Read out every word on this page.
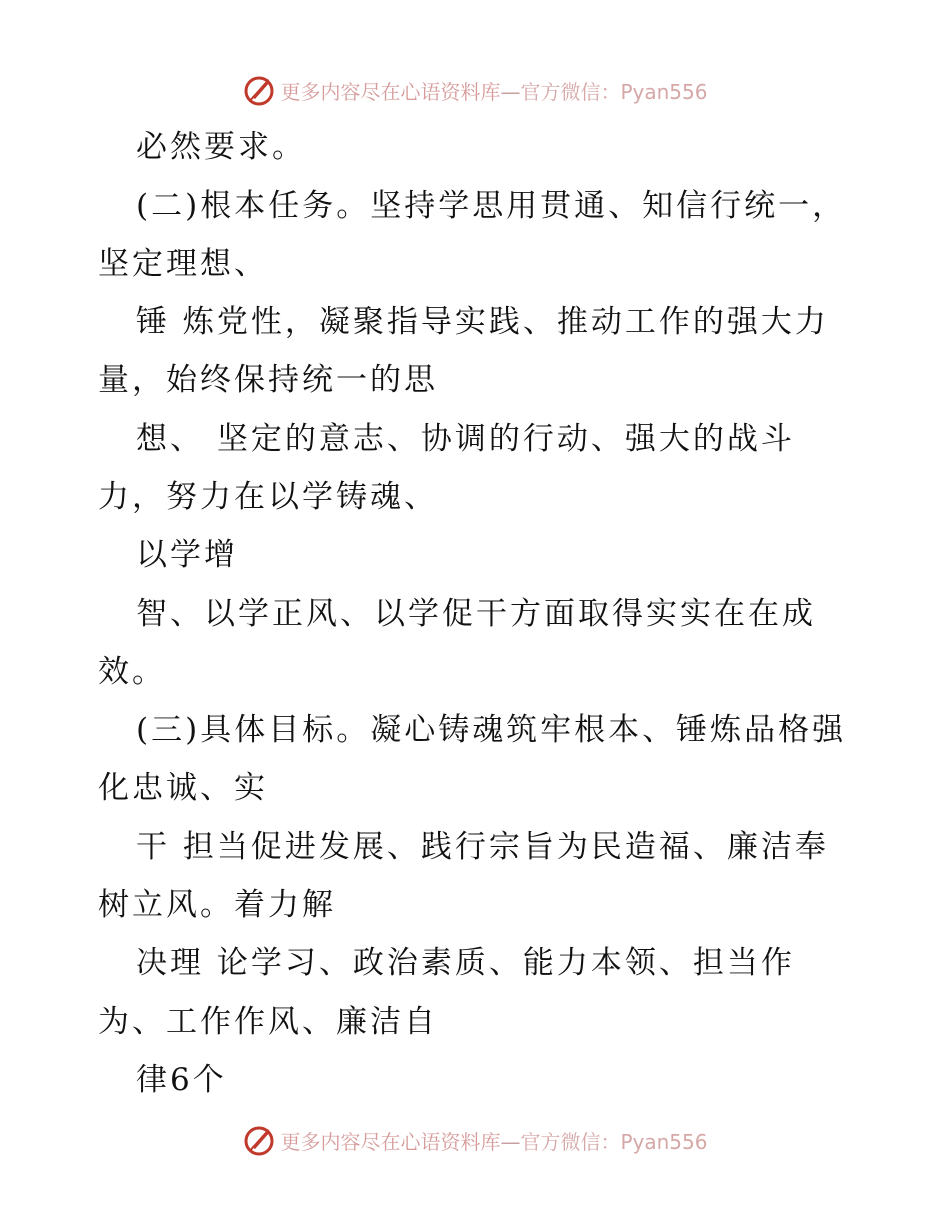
更多内容尽在心语资料库—官方微信：Pyan556
必然要求。
(二)根本任务。坚持学思用贯通、知信行统一，
坚定理想、
锤 炼党性，凝聚指导实践、推动工作的强大力
量，始终保持统一的思
想、 坚定的意志、协调的行动、强大的战斗
力，努力在以学铸魂、
以学增
智、以学正风、以学促干方面取得实实在在成
效。
(三)具体目标。凝心铸魂筑牢根本、锤炼品格强
化忠诚、实
干 担当促进发展、践行宗旨为民造福、廉洁奉
树立风。着力解
决理 论学习、政治素质、能力本领、担当作
为、工作作风、廉洁自
律6个
更多内容尽在心语资料库—官方微信：Pyan556
